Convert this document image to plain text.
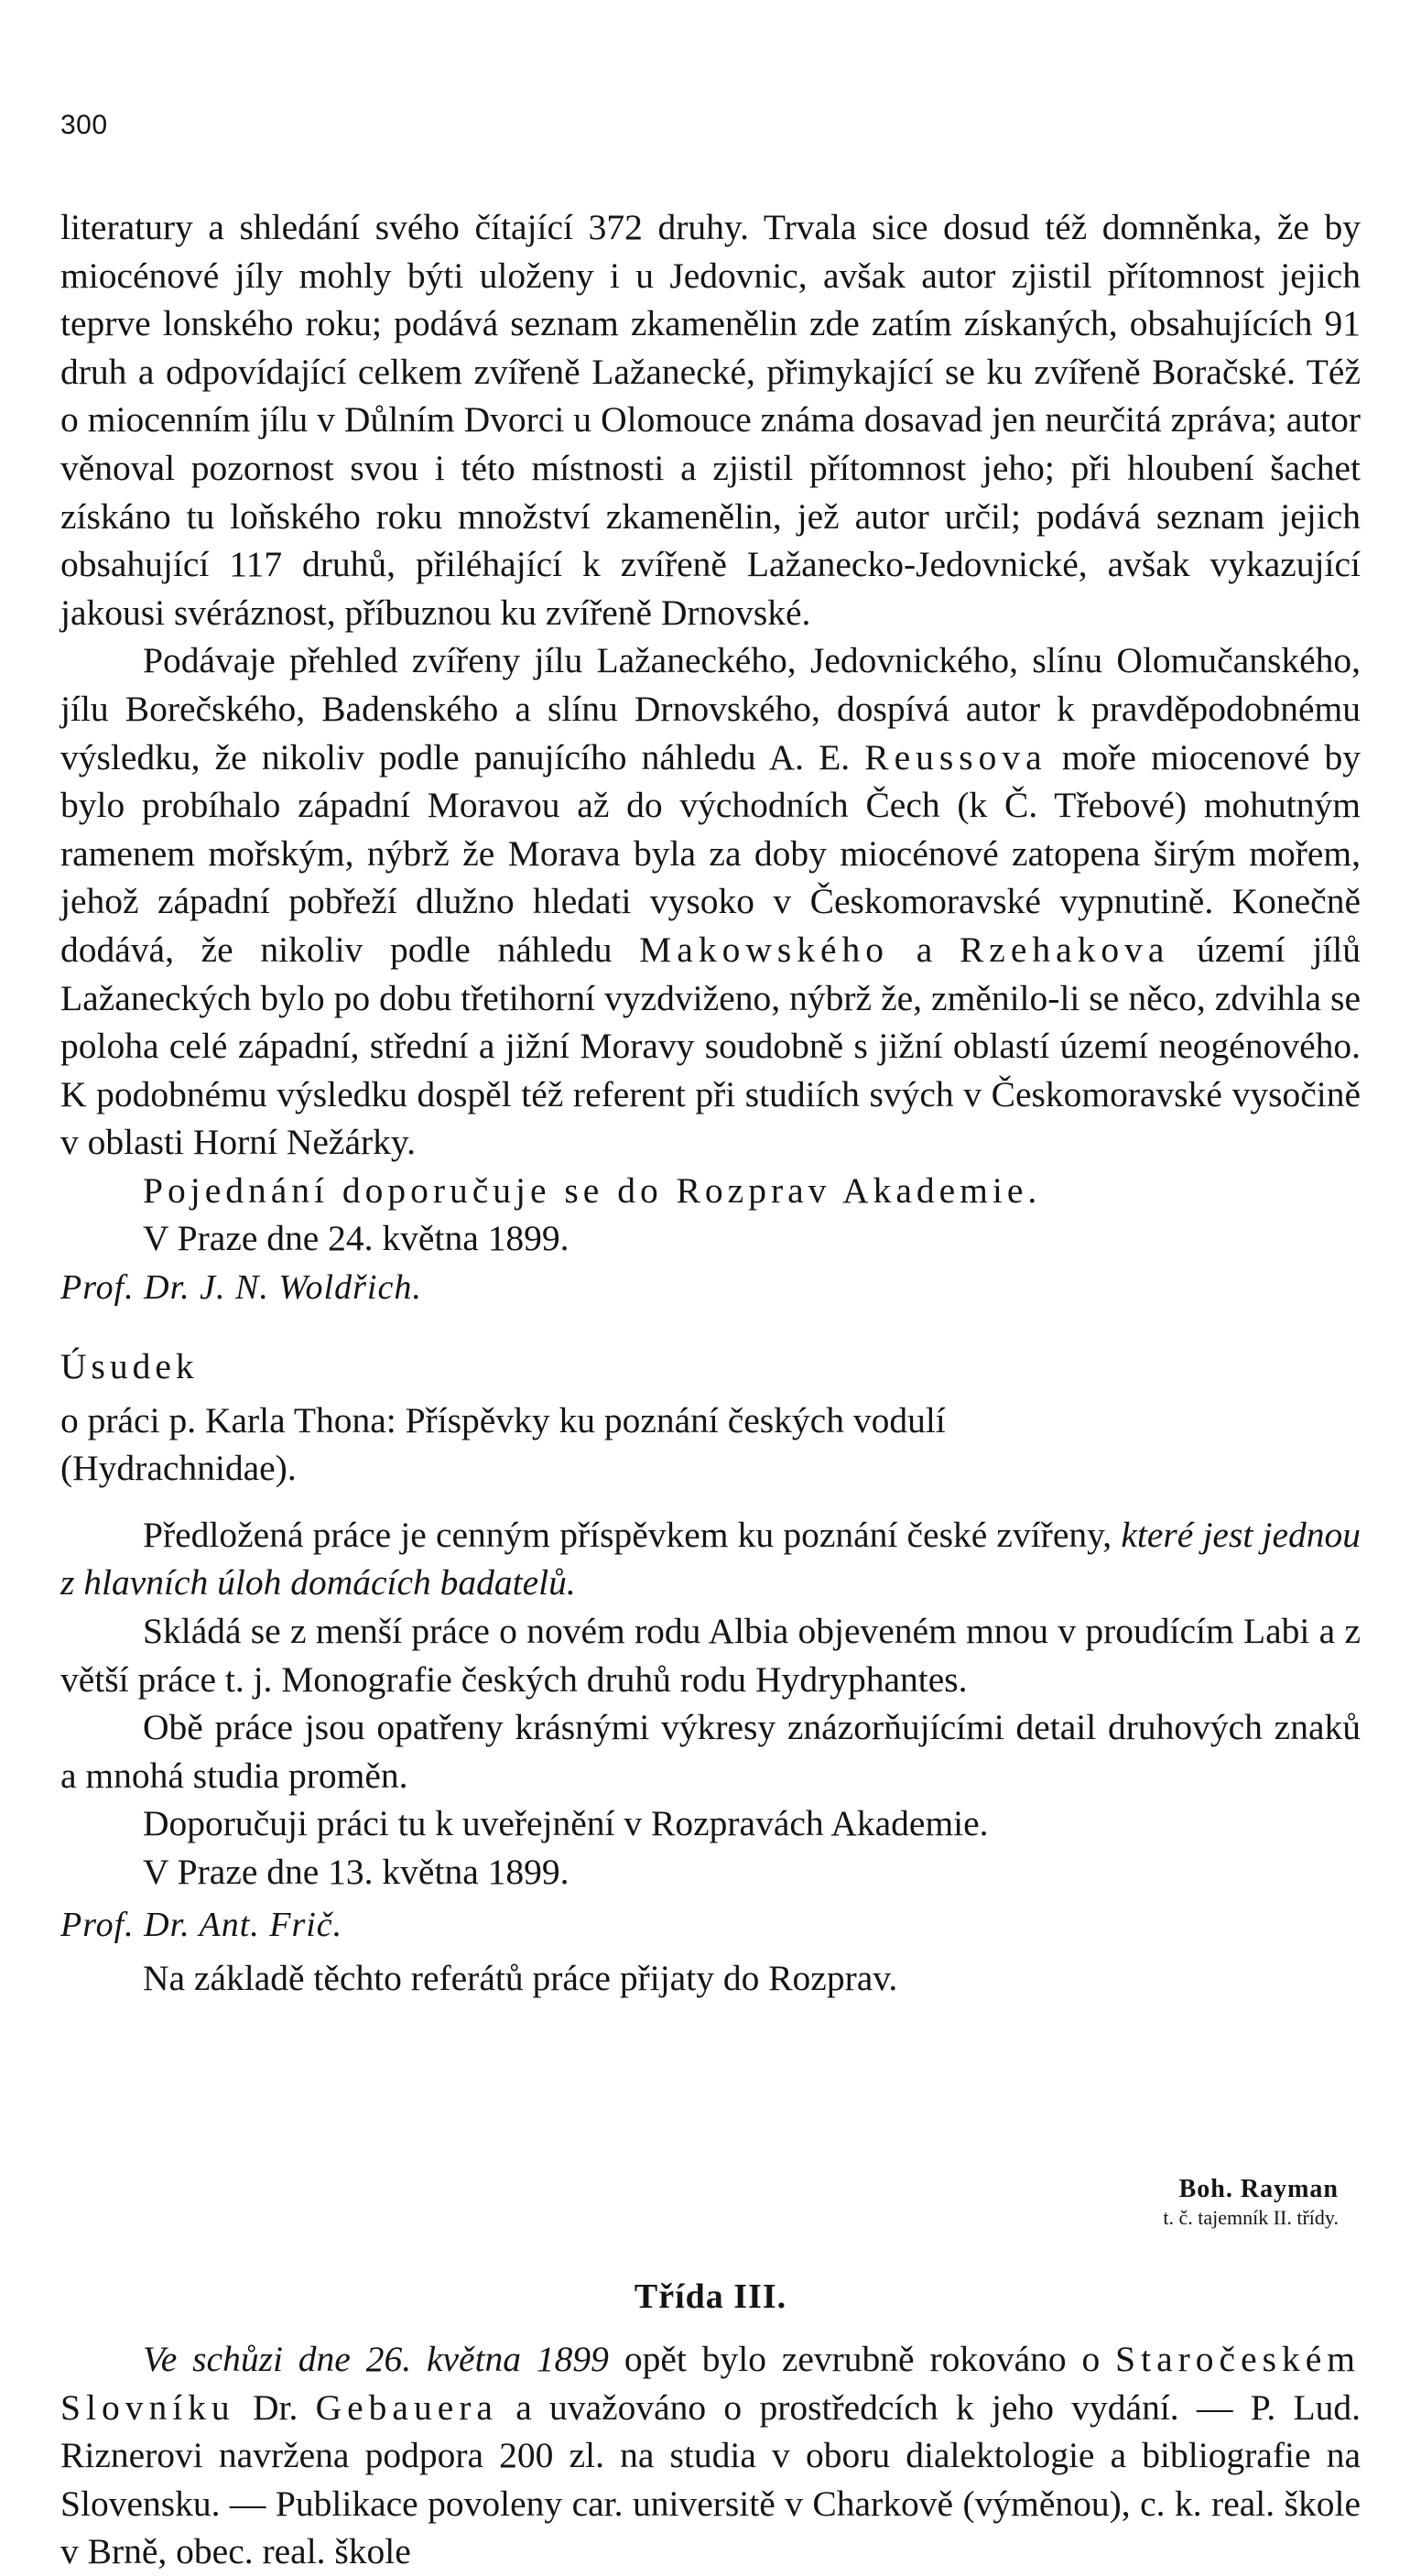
300

literatury a shledání svého čítající 372 druhy. Trvala sice dosud též domněnka, že by miocénové jíly mohly býti uloženy i u Jedovnic, avšak autor zjistil přítomnost jejich teprve lonského roku; podává seznam zkamenělin zde zatím získaných, obsahujících 91 druh a odpovídající celkem zvířeně Lažanecké, přimykající se ku zvířeně Boračské. Též o miocenním jílu v Důlním Dvorci u Olomouce známa dosavad jen neurčitá zpráva; autor věnoval pozornost svou i této místnosti a zjistil přítomnost jeho; při hloubení šachet získáno tu loňského roku množství zkamenělin, jež autor určil; podává seznam jejich obsahující 117 druhů, přiléhající k zvířeně Lažanecko-Jedovnické, avšak vykazující jakousi svéráznost, příbuznou ku zvířeně Drnovské.

Podávaje přehled zvířeny jílu Lažaneckého, Jedovnického, slínu Olomučanského, jílu Borečského, Badenského a slínu Drnovského, dospívá autor k pravděpodobnému výsledku, že nikoliv podle panujícího náhledu A. E. Reussova moře miocenové by bylo probíhalo západní Moravou až do východních Čech (k Č. Třebové) mohutným ramenem mořským, nýbrž že Morava byla za doby miocénové zatopena širým mořem, jehož západní pobřeží dlužno hledati vysoko v Českomoravské vypnutině. Konečně dodává, že nikoliv podle náhledu Makowského a Rzehakova území jílů Lažaneckých bylo po dobu třetihorní vyzdviženo, nýbrž že, změnilo-li se něco, zdvihla se poloha celé západní, střední a jižní Moravy soudobně s jižní oblastí území neogénového. K podobnému výsledku dospěl též referent při studiích svých v Českomoravské vysočině v oblasti Horní Nežárky.

Pojednání doporučuje se do Rozprav Akademie.

V Praze dne 24. května 1899.

Prof. Dr. J. N. Woldřich.

Úsudek

o práci p. Karla Thona: Příspěvky ku poznání českých vodulí

(Hydrachnidae).

Předložená práce je cenným příspěvkem ku poznání české zvířeny, které jest jednou z hlavních úloh domácích badatelů.

Skládá se z menší práce o novém rodu Albia objeveném mnou v proudícím Labi a z větší práce t. j. Monografie českých druhů rodu Hydryphantes.

Obě práce jsou opatřeny krásnými výkresy znázorňujícími detail druhových znaků a mnohá studia proměn.

Doporučuji práci tu k uveřejnění v Rozpravách Akademie.

V Praze dne 13. května 1899.

Prof. Dr. Ant. Frič.

Na základě těchto referátů práce přijaty do Rozprav.

Boh. Rayman
t. č. tajemník II. třídy.
Třída III.

Ve schůzi dne 26. května 1899 opět bylo zevrubně rokováno o Staročeském Slovníku Dr. Gebauera a uvažováno o prostředcích k jeho vydání. — P. Lud. Riznerovi navržena podpora 200 zl. na studia v oboru dialektologie a bibliografie na Slovensku. — Publikace povoleny car. universitě v Charkově (výměnou), c. k. real. škole v Brně, obec. real. škole
